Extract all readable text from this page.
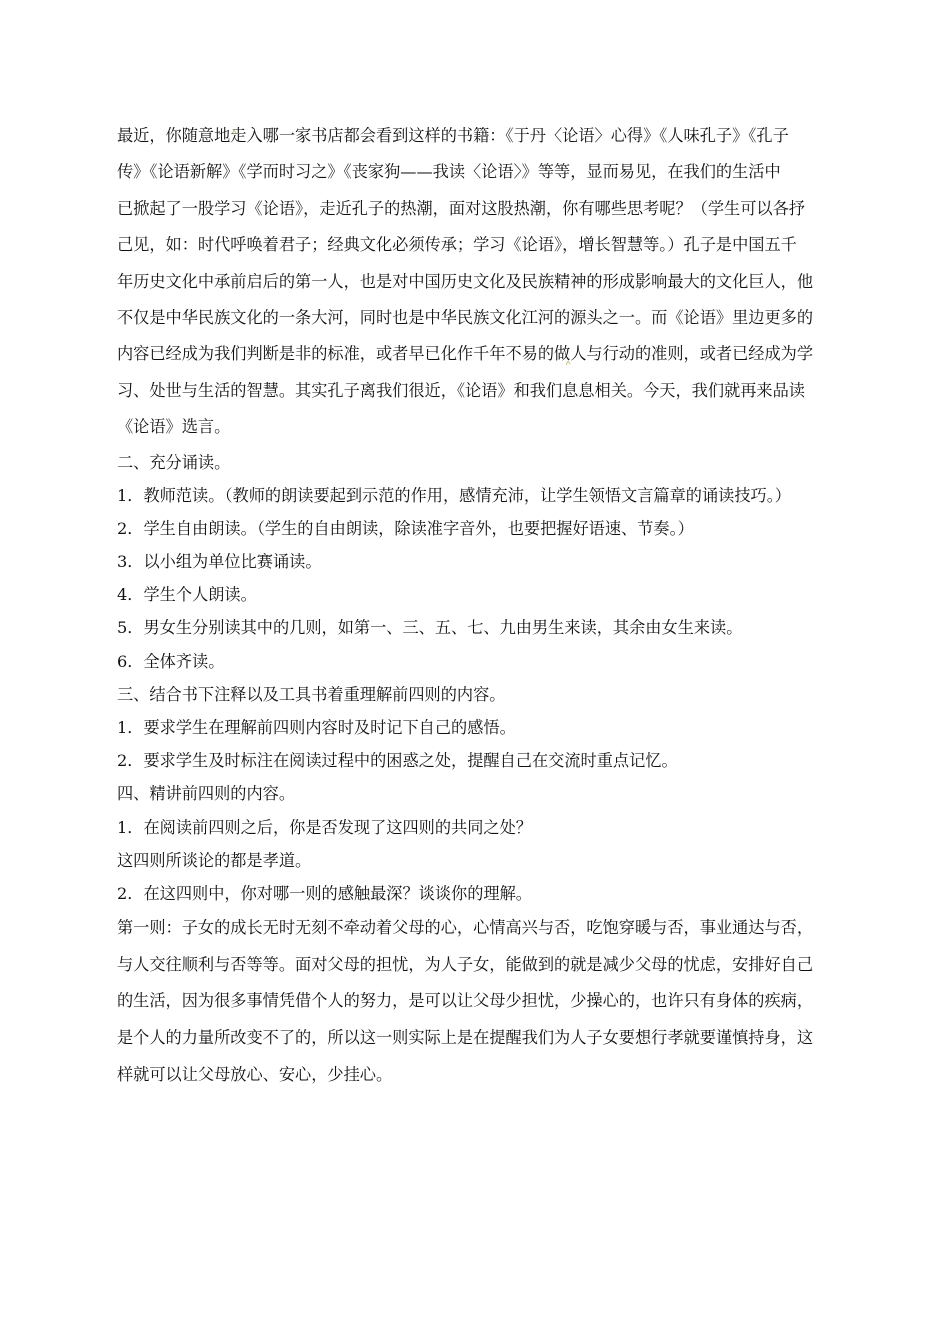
最近，你随意地走入哪一家书店都会看到这样的书籍：《于丹〈论语〉心得》《人味孔子》《孔子

传》《论语新解》《学而时习之》《丧家狗——我读〈论语〉》等等，显而易见，在我们的生活中

已掀起了一股学习《论语》，走近孔子的热潮，面对这股热潮，你有哪些思考呢？（学生可以各抒

己见，如：时代呼唤着君子；经典文化必须传承；学习《论语》，增长智慧等。）孔子是中国五千

年历史文化中承前启后的第一人，也是对中国历史文化及民族精神的形成影响最大的文化巨人，他

不仅是中华民族文化的一条大河，同时也是中华民族文化江河的源头之一。而《论语》里边更多的

内容已经成为我们判断是非的标准，或者早已化作千年不易的做人与行动的准则，或者已经成为学

习、处世与生活的智慧。其实孔子离我们很近，《论语》和我们息息相关。今天，我们就再来品读

《论语》选言。

二、充分诵读。

1．教师范读。（教师的朗读要起到示范的作用，感情充沛，让学生领悟文言篇章的诵读技巧。）

2．学生自由朗读。（学生的自由朗读，除读准字音外，也要把握好语速、节奏。）

3．以小组为单位比赛诵读。

4．学生个人朗读。

5．男女生分别读其中的几则，如第一、三、五、七、九由男生来读，其余由女生来读。

6．全体齐读。

三、结合书下注释以及工具书着重理解前四则的内容。

1．要求学生在理解前四则内容时及时记下自己的感悟。

2．要求学生及时标注在阅读过程中的困惑之处，提醒自己在交流时重点记忆。

四、精讲前四则的内容。

1．在阅读前四则之后，你是否发现了这四则的共同之处？

这四则所谈论的都是孝道。

2．在这四则中，你对哪一则的感触最深？谈谈你的理解。

第一则：子女的成长无时无刻不牵动着父母的心，心情高兴与否，吃饱穿暖与否，事业通达与否，

与人交往顺利与否等等。面对父母的担忧，为人子女，能做到的就是减少父母的忧虑，安排好自己

的生活，因为很多事情凭借个人的努力，是可以让父母少担忧，少操心的，也许只有身体的疾病，

是个人的力量所改变不了的，所以这一则实际上是在提醒我们为人子女要想行孝就要谨慎持身，这

样就可以让父母放心、安心，少挂心。
